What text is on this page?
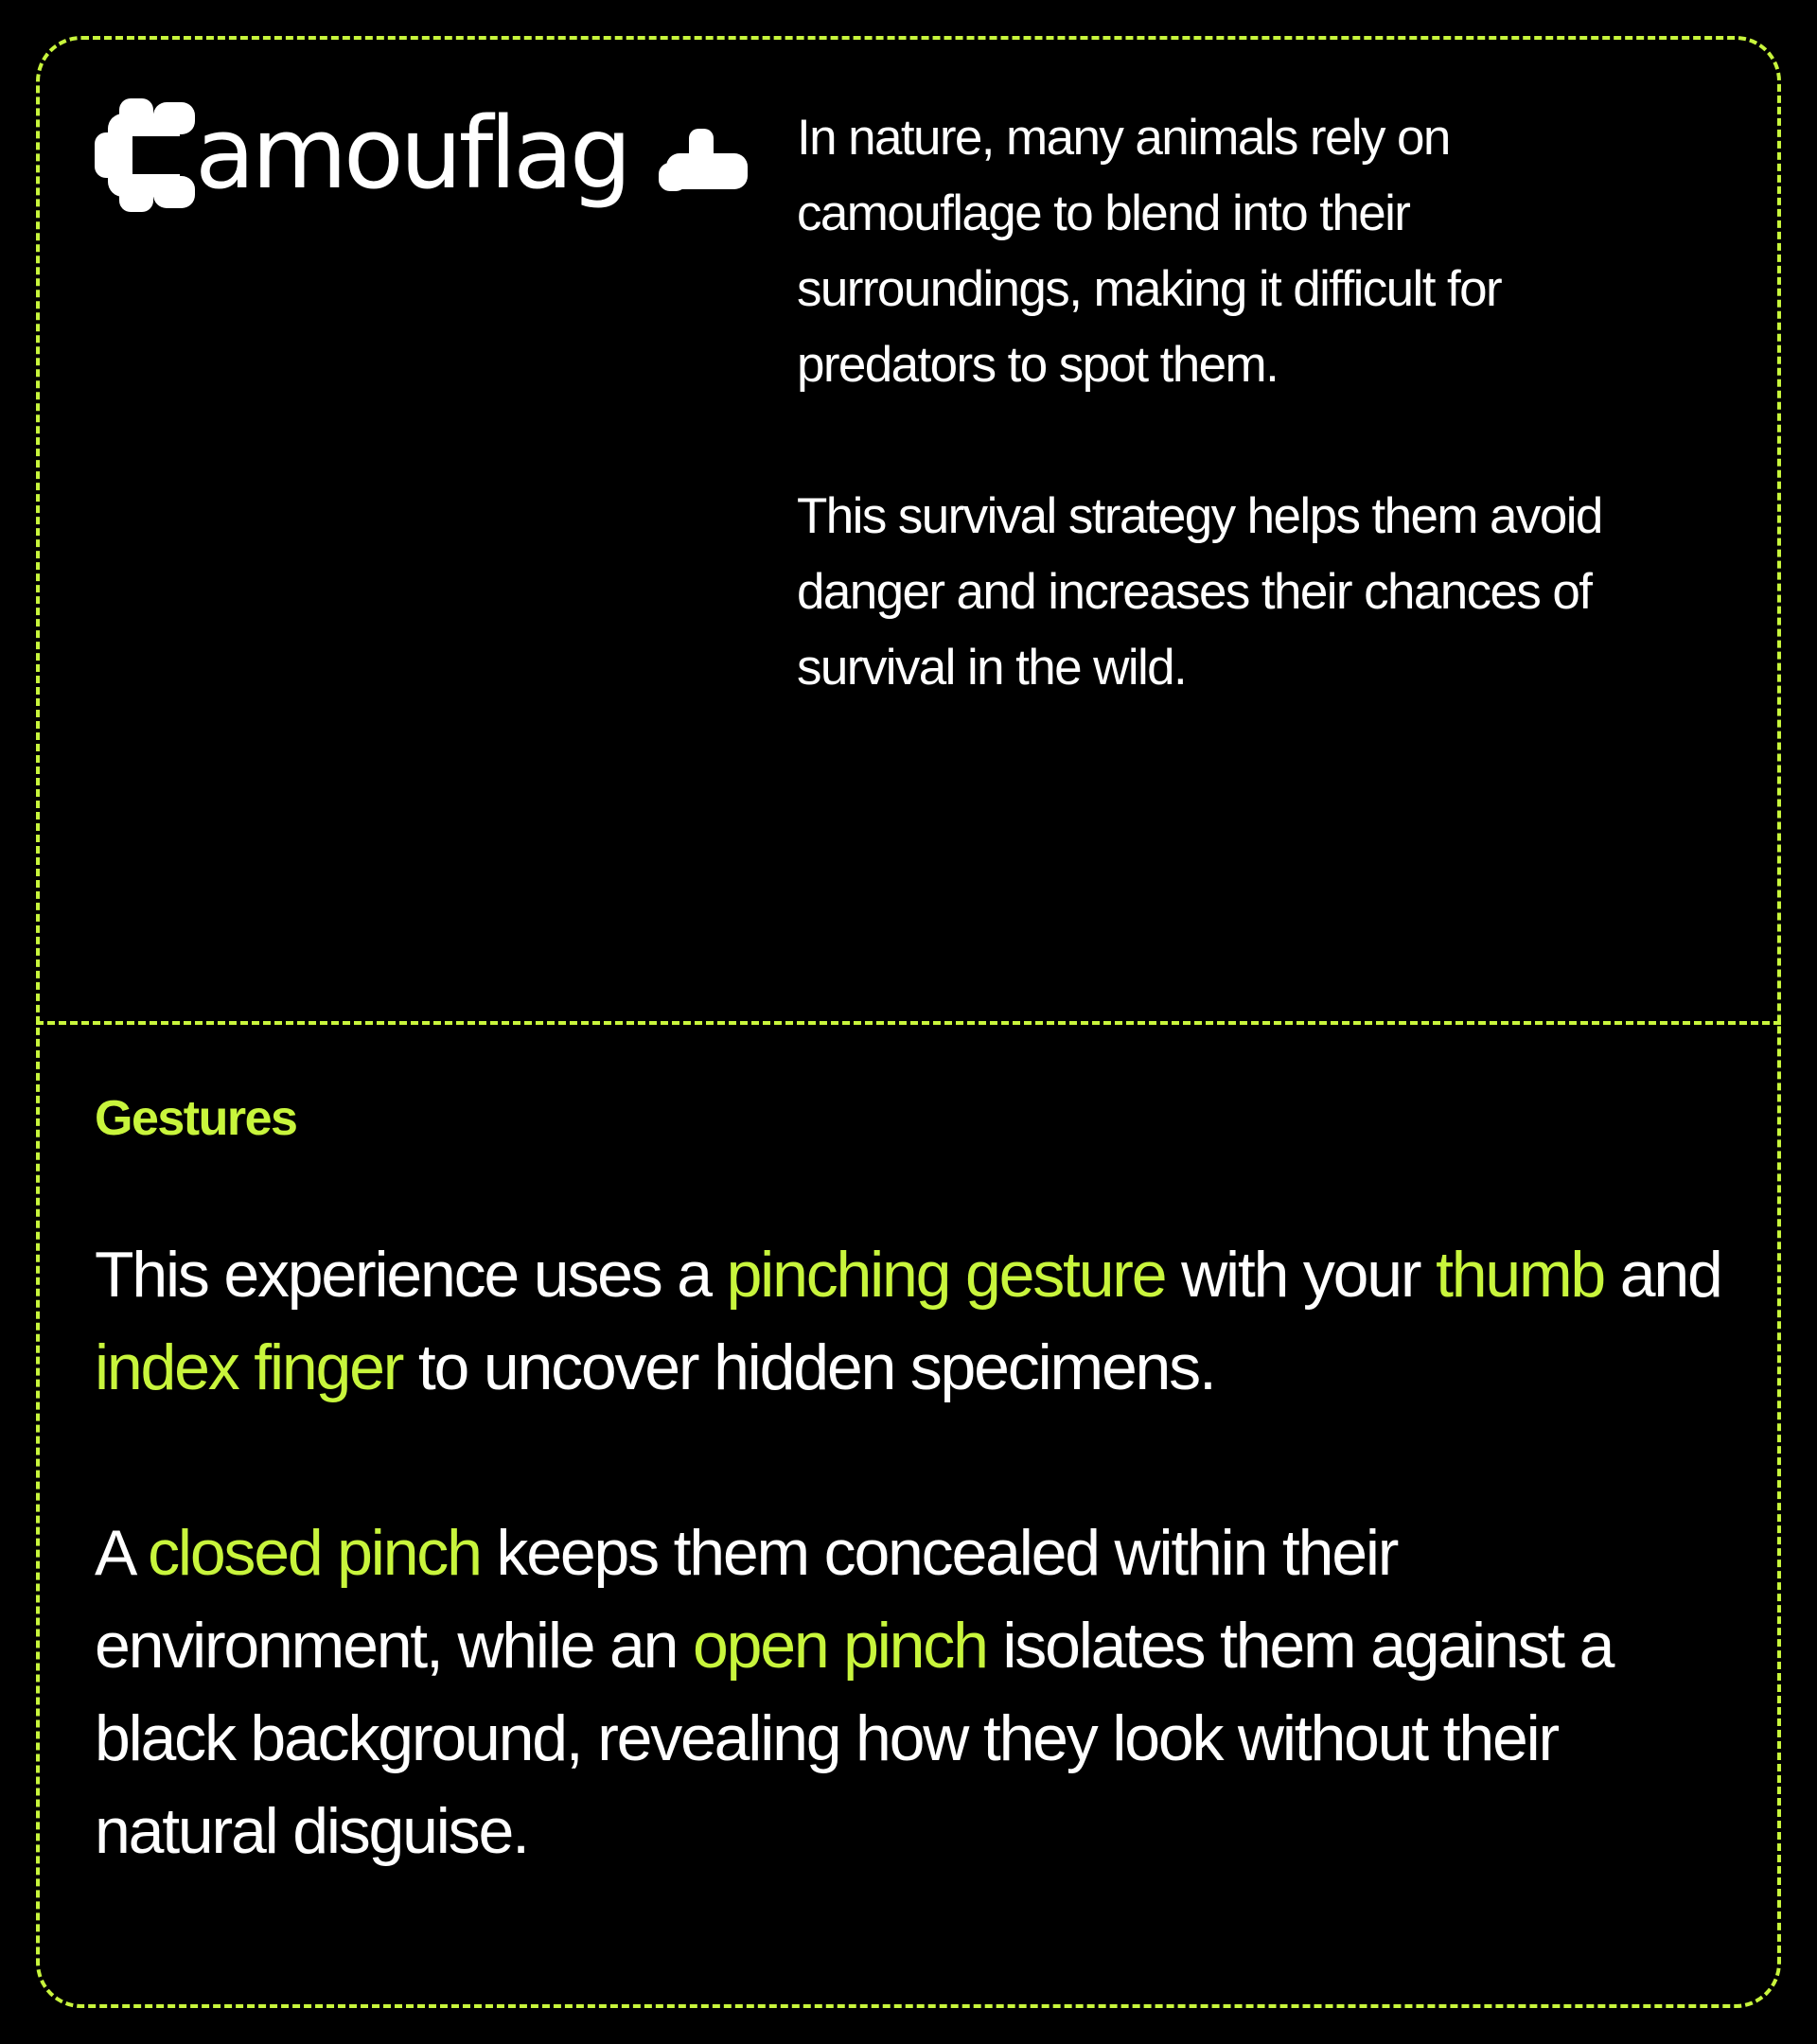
amouflag	In nature, many animals rely on camouflage to blend into their surroundings, making it difficult for predators to spot them.

This survival strategy helps them avoid danger and increases their chances of survival in the wild.

Gestures

This experience uses a pinching gesture with your thumb and index finger to uncover hidden specimens.

A closed pinch keeps them concealed within their environment, while an open pinch isolates them against a black background, revealing how they look without their natural disguise.
